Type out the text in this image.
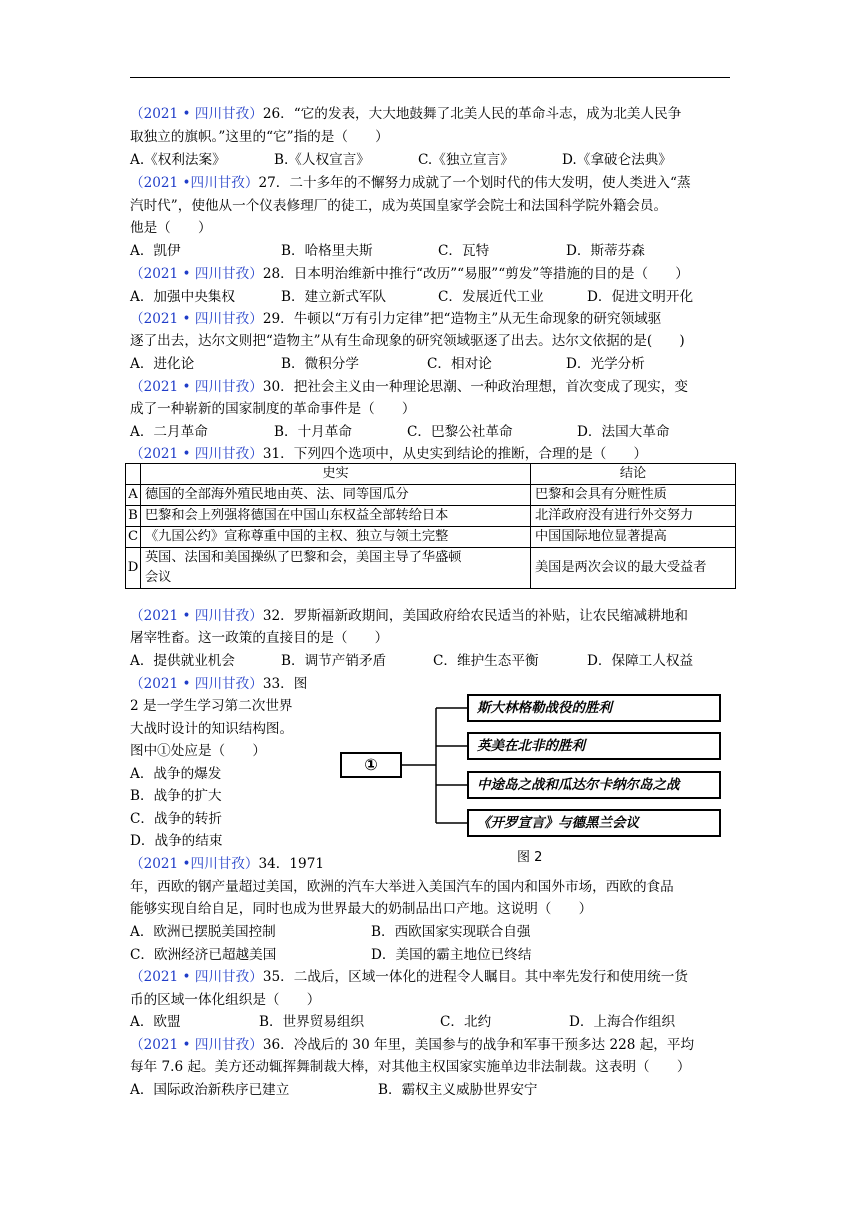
（2021 • 四川甘孜）26．“它的发表，大大地鼓舞了北美人民的革命斗志，成为北美人民争
取独立的旗帜。”这里的“它”指的是（　　）
A.《权利法案》	B.《人权宣言》	C.《独立宣言》	D.《拿破仑法典》
（2021 •四川甘孜）27．二十多年的不懈努力成就了一个划时代的伟大发明，使人类进入“蒸
汽时代”，使他从一个仪表修理厂的徒工，成为英国皇家学会院士和法国科学院外籍会员。
他是（　　）
A．凯伊	B．哈格里夫斯	C．瓦特	D．斯蒂芬森
（2021 • 四川甘孜）28．日本明治维新中推行“改历”“易服”“剪发”等措施的目的是（　　）
A．加强中央集权	B．建立新式军队	C．发展近代工业	D．促进文明开化
（2021 • 四川甘孜）29．牛顿以“万有引力定律”把“造物主”从无生命现象的研究领域驱
逐了出去，达尔文则把“造物主”从有生命现象的研究领域驱逐了出去。达尔文依据的是(　　)
A．进化论	B．微积分学	C．相对论	D．光学分析
（2021 • 四川甘孜）30．把社会主义由一种理论思潮、一种政治理想，首次变成了现实，变
成了一种崭新的国家制度的革命事件是（　　）
A．二月革命	B．十月革命	C．巴黎公社革命	D．法国大革命
（2021 • 四川甘孜）31．下列四个选项中，从史实到结论的推断，合理的是（　　）
	史实	结论
A	德国的全部海外殖民地由英、法、同等国瓜分	巴黎和会具有分赃性质
B	巴黎和会上列强将德国在中国山东权益全部转给日本	北洋政府没有进行外交努力
C	《九国公约》宣称尊重中国的主权、独立与领土完整	中国国际地位显著提高
D	英国、法国和美国操纵了巴黎和会，美国主导了华盛顿
会议	美国是两次会议的最大受益者
（2021 • 四川甘孜）32．罗斯福新政期间，美国政府给农民适当的补贴，让农民缩减耕地和
屠宰牲畜。这一政策的直接目的是（　　）
A．提供就业机会	B．调节产销矛盾	C．维护生态平衡	D．保障工人权益
（2021 • 四川甘孜）33．图
2 是一学生学习第二次世界
大战时设计的知识结构图。
图中①处应是（　　）
A．战争的爆发
B．战争的扩大
C．战争的转折
D．战争的结束
①
斯大林格勒战役的胜利
英美在北非的胜利
中途岛之战和瓜达尔卡纳尔岛之战
《开罗宣言》与德黑兰会议
图 2
（2021 •四川甘孜）34．1971
年，西欧的钢产量超过美国，欧洲的汽车大举进入美国汽车的国内和国外市场，西欧的食品
能够实现自给自足，同时也成为世界最大的奶制品出口产地。这说明（　　）
A．欧洲已摆脱美国控制	B．西欧国家实现联合自强
C．欧洲经济已超越美国	D．美国的霸主地位已终结
（2021 • 四川甘孜）35．二战后，区域一体化的进程令人瞩目。其中率先发行和使用统一货
币的区域一体化组织是（　　）
A．欧盟	B．世界贸易组织	C．北约	D．上海合作组织
（2021 • 四川甘孜）36．冷战后的 30 年里，美国参与的战争和军事干预多达 228 起，平均
每年 7.6 起。美方还动辄挥舞制裁大棒，对其他主权国家实施单边非法制裁。这表明（　　）
A．国际政治新秩序已建立	B．霸权主义威胁世界安宁
